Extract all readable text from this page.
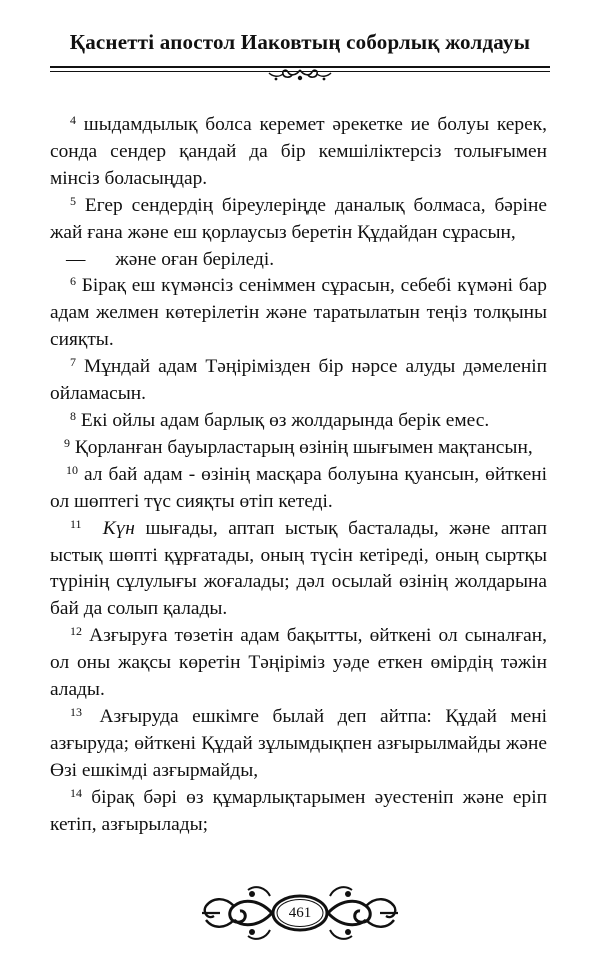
Қаснетті апостол Иаковтың соборлық жолдауы

$^4$ шыдамдылық болса керемет әрекетке ие болуы керек, сонда сендер қандай да бір кемшіліктерсіз толығымен мінсіз боласыңдар.

$^5$ Егер сендердің біреулеріңде даналық болмаса, бәріне жай ғана және еш қорлаусыз беретін Құдайдан сұрасын,

— және оған беріледі.

$^6$ Бірақ еш күмәнсіз сеніммен сұрасын, себебі күмәні бар адам желмен көтерілетін және таратылатын теңіз толқыны сияқты.

$^7$ Мұндай адам Тәңірімізден бір нәрсе алуды дәмеленіп ойламасын.

$^8$ Екі ойлы адам барлық өз жолдарында берік емес.

$^9$ Қорланған бауырластарың өзінің шығымен мақтансын,

$^{10}$ ал бай адам - өзінің масқара болуына қуансын, өйткені ол шөптегі түс сияқты өтіп кетеді.

$^{11}$ Күн шығады, аптап ыстық басталады, және аптап ыстық шөпті құрғатады, оның түсін кетіреді, оның сыртқы түрінің сұлулығы жоғалады; дәл осылай өзінің жолдарына бай да солып қалады.

$^{12}$ Азғыруға төзетін адам бақытты, өйткені ол сыналған, ол оны жақсы көретін Тәңіріміз уәде еткен өмірдің тәжін алады.

$^{13}$ Азғыруда ешкімге былай деп айтпа: Құдай мені азғыруда; өйткені Құдай зұлымдықпен азғырылмайды және Өзі ешкімді азғырмайды,

$^{14}$ бірақ бәрі өз құмарлықтарымен әуестеніп және еріп кетіп, азғырылады;

461
